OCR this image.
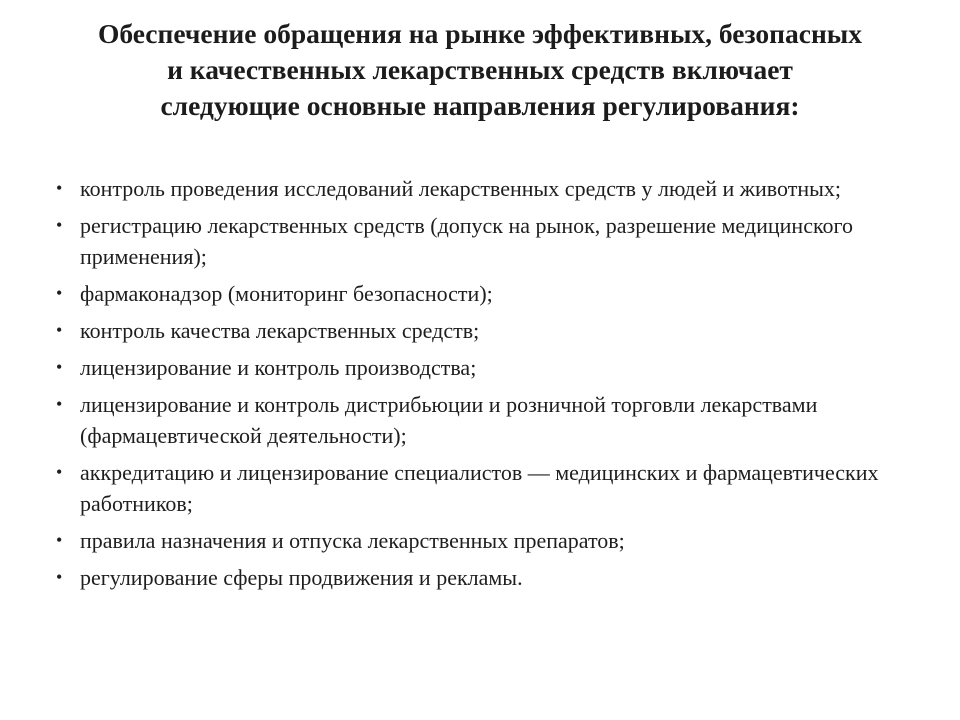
Обеспечение обращения на рынке эффективных, безопасных
и качественных лекарственных средств включает
следующие основные направления регулирования:
• контроль проведения исследований лекарственных средств у людей и животных;
• регистрацию лекарственных средств (допуск на рынок, разрешение медицинского применения);
• фармаконадзор (мониторинг безопасности);
• контроль качества лекарственных средств;
• лицензирование и контроль производства;
• лицензирование и контроль дистрибьюции и розничной торговли лекарствами (фармацевтической деятельности);
• аккредитацию и лицензирование специалистов — медицинских и фармацевтических работников;
• правила назначения и отпуска лекарственных препаратов;
• регулирование сферы продвижения и рекламы.
